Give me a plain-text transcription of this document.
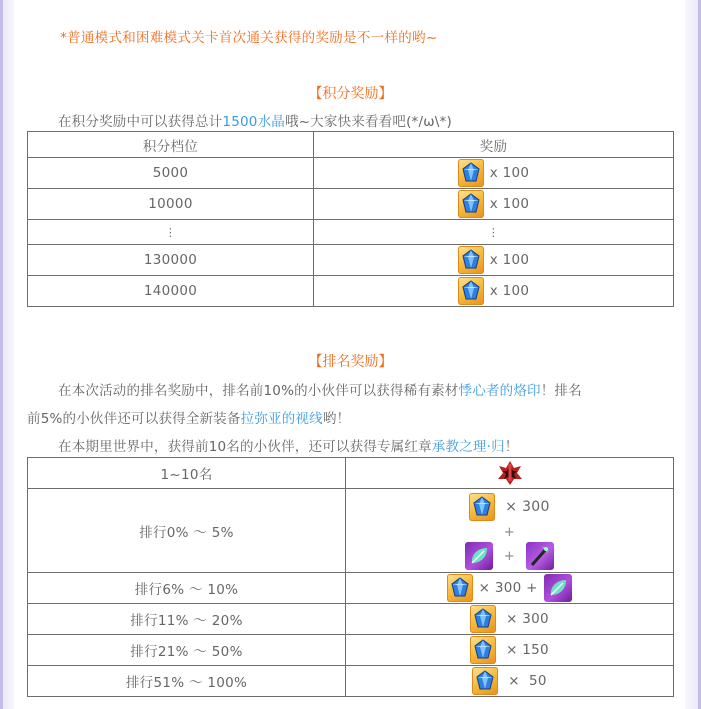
*普通模式和困难模式关卡首次通关获得的奖励是不一样的哟~
【积分奖励】
在积分奖励中可以获得总计1500水晶哦~大家快来看看吧(*/ω\*)
积分档位	奖励
5000	x 100
10000	x 100
⋮	⋮
130000	x 100
140000	x 100
【排名奖励】
在本次活动的排名奖励中，排名前10%的小伙伴可以获得稀有素材悸心者的烙印！排名
前5%的小伙伴还可以获得全新装备拉弥亚的视线哟！
在本期里世界中，获得前10名的小伙伴，还可以获得专属红章承教之理·归！
1~10名	
排行0% ～ 5%	× 300
+
+

排行6% ～ 10%	× 300 +

排行11% ～ 20%	× 300
排行21% ～ 50%	× 150
排行51% ～ 100%	×  50
